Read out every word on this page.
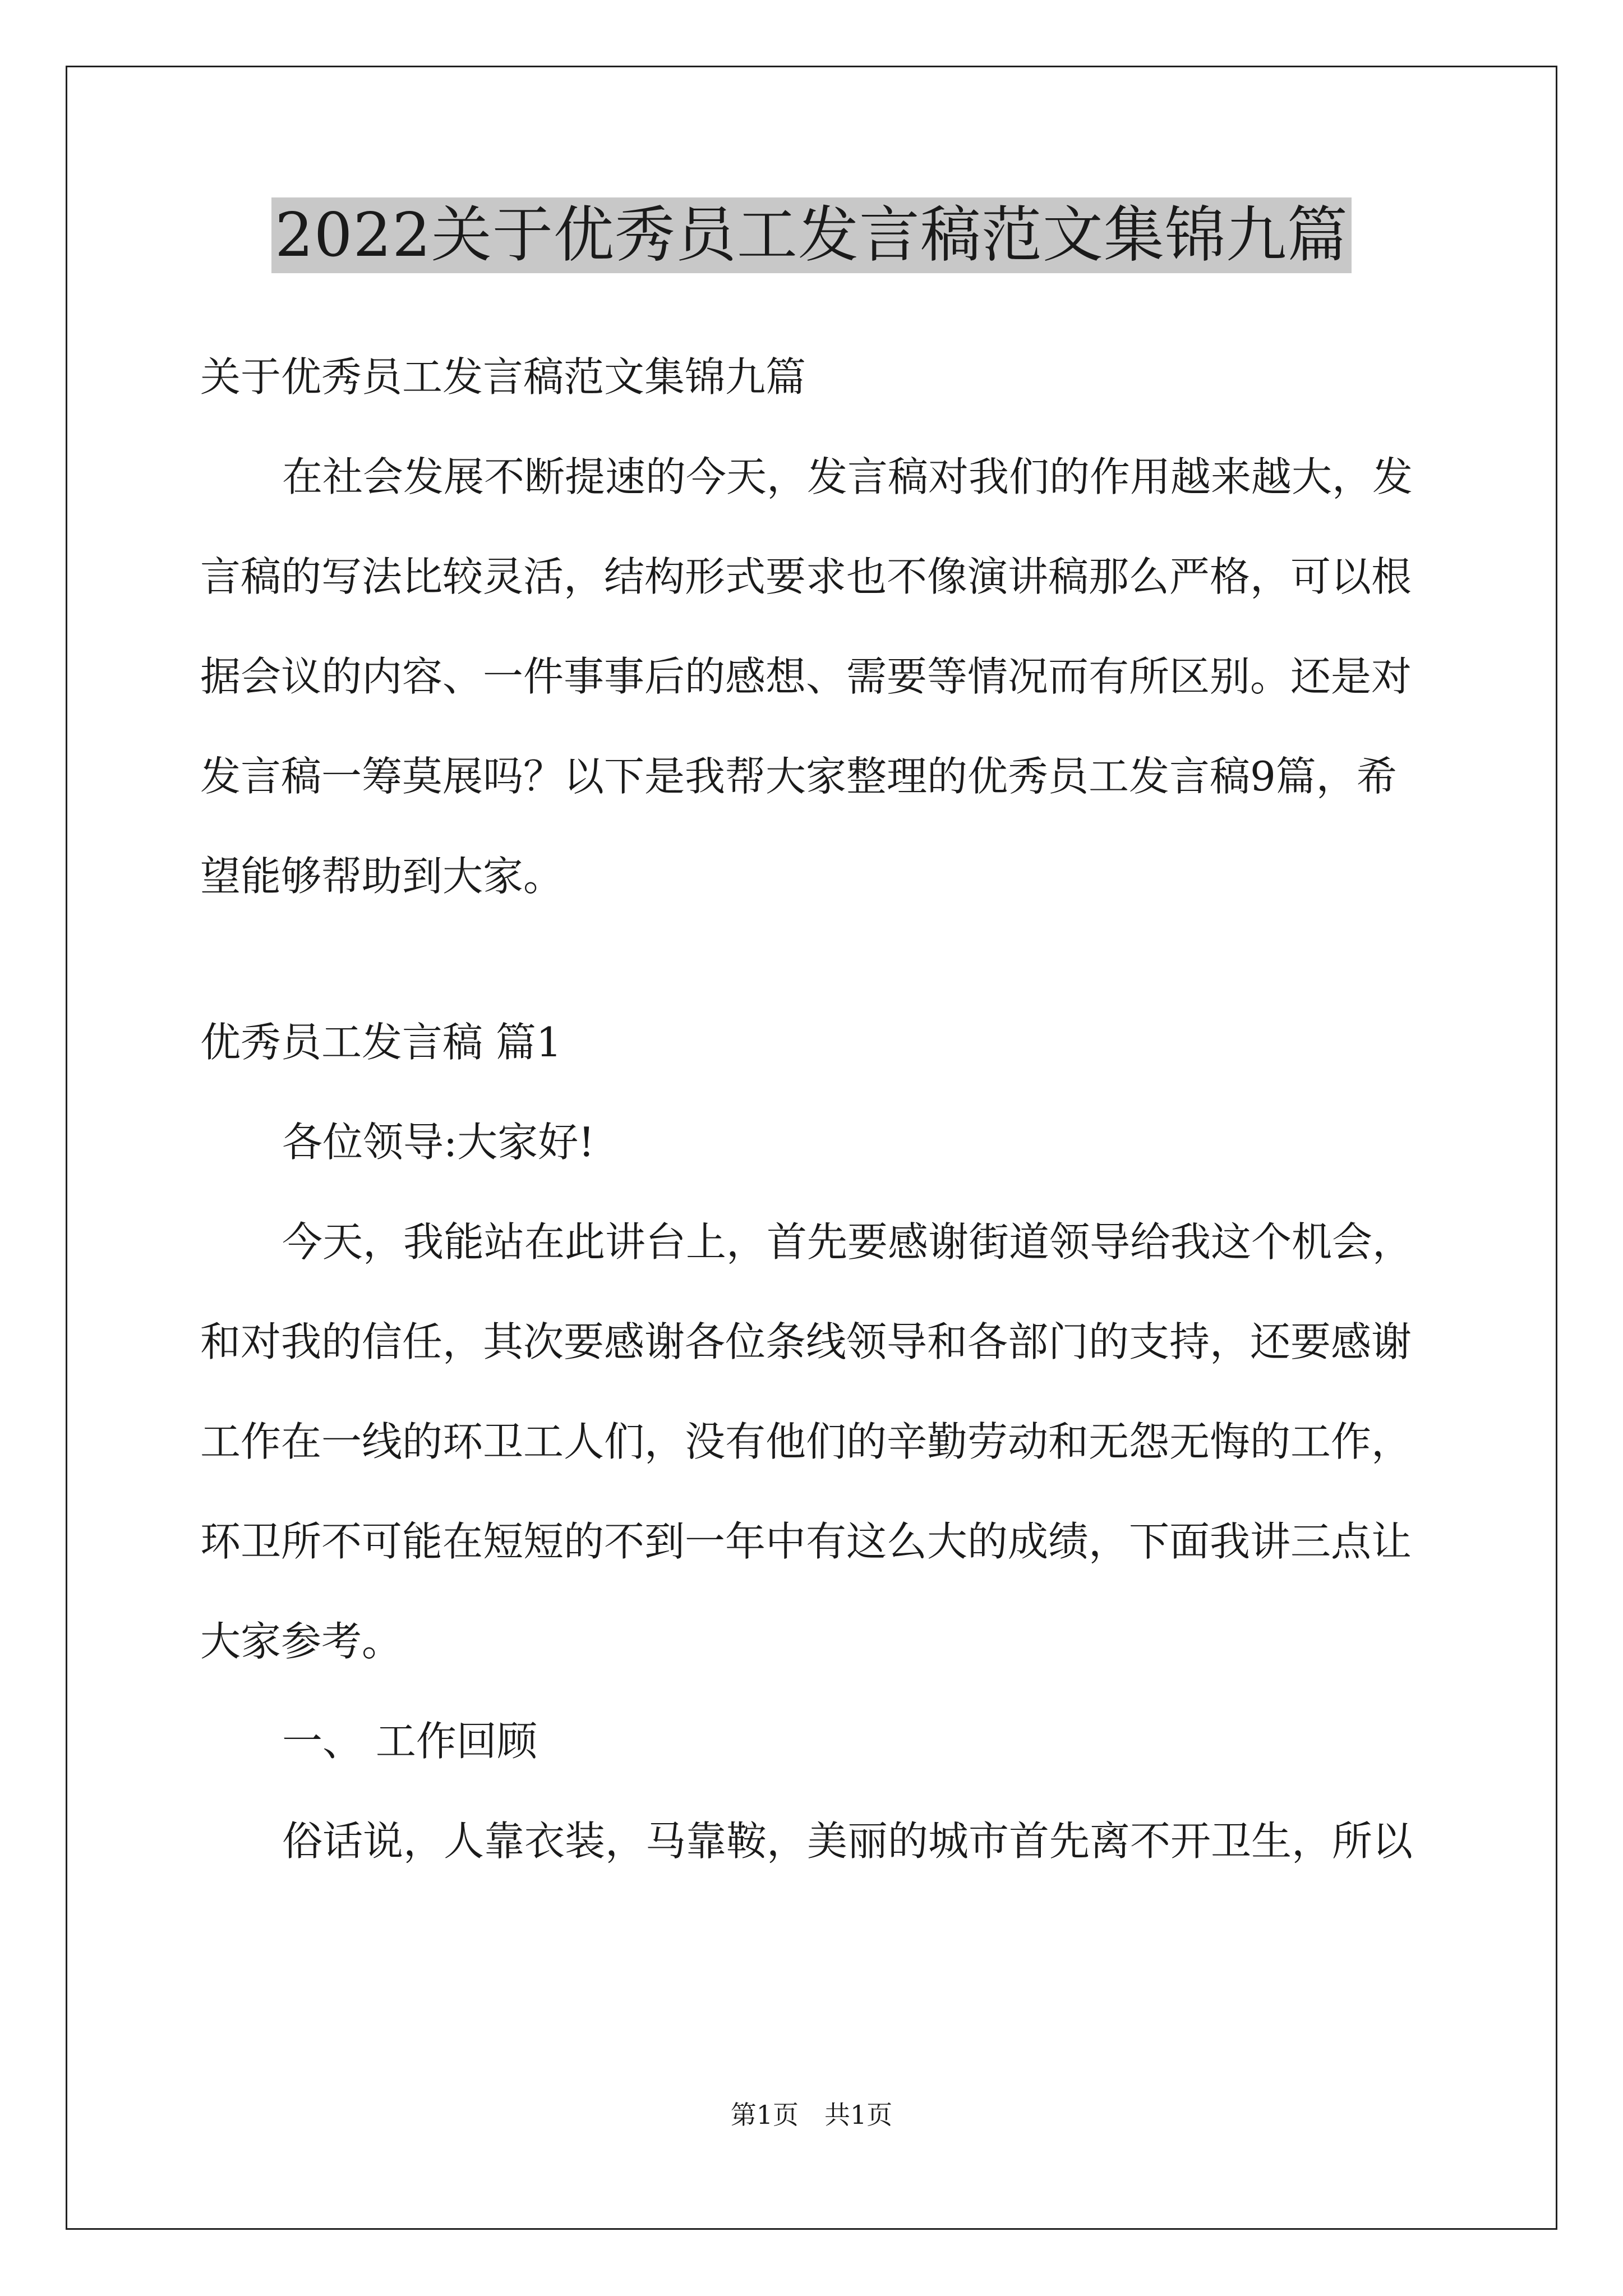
2022关于优秀员工发言稿范文集锦九篇
关于优秀员工发言稿范文集锦九篇
在社会发展不断提速的今天，发言稿对我们的作用越来越大，发
言稿的写法比较灵活，结构形式要求也不像演讲稿那么严格，可以根
据会议的内容、一件事事后的感想、需要等情况而有所区别。还是对
发言稿一筹莫展吗？以下是我帮大家整理的优秀员工发言稿9篇，希
望能够帮助到大家。
优秀员工发言稿 篇1
各位领导:大家好!
今天，我能站在此讲台上，首先要感谢街道领导给我这个机会，
和对我的信任，其次要感谢各位条线领导和各部门的支持，还要感谢
工作在一线的环卫工人们，没有他们的辛勤劳动和无怨无悔的工作，
环卫所不可能在短短的不到一年中有这么大的成绩，下面我讲三点让
大家参考。
一、 工作回顾
俗话说，人靠衣装，马靠鞍，美丽的城市首先离不开卫生，所以
第1页 共1页
